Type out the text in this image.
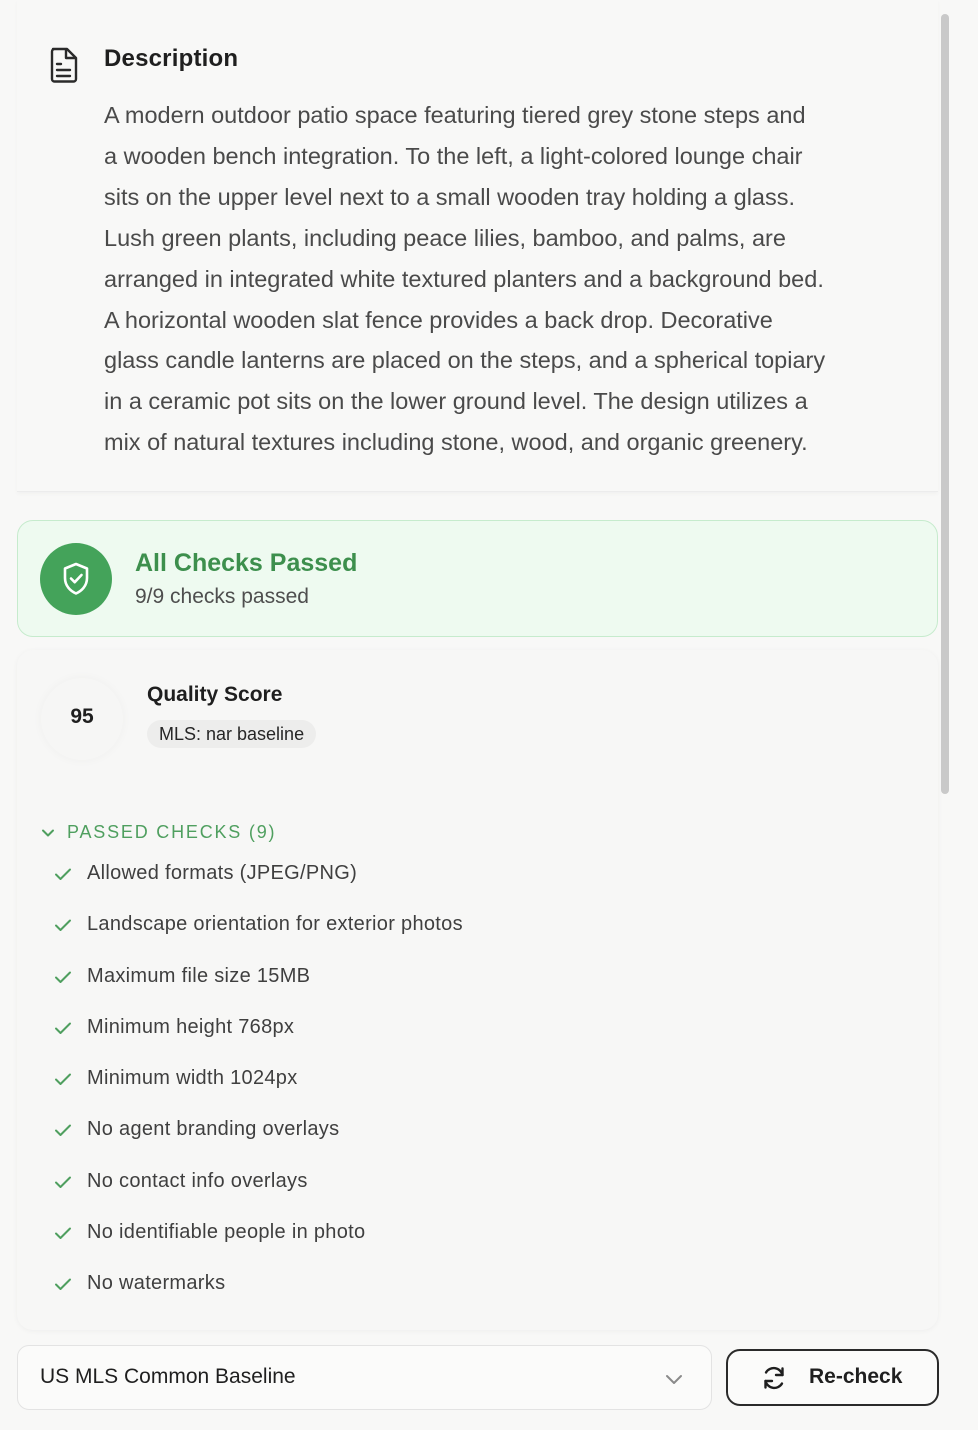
Description
A modern outdoor patio space featuring tiered grey stone steps and
a wooden bench integration. To the left, a light-colored lounge chair
sits on the upper level next to a small wooden tray holding a glass.
Lush green plants, including peace lilies, bamboo, and palms, are
arranged in integrated white textured planters and a background bed.
A horizontal wooden slat fence provides a back drop. Decorative
glass candle lanterns are placed on the steps, and a spherical topiary
in a ceramic pot sits on the lower ground level. The design utilizes a
mix of natural textures including stone, wood, and organic greenery.
All Checks Passed
9/9 checks passed
95
Quality Score
MLS: nar baseline
PASSED CHECKS (9)
Allowed formats (JPEG/PNG)
Landscape orientation for exterior photos
Maximum file size 15MB
Minimum height 768px
Minimum width 1024px
No agent branding overlays
No contact info overlays
No identifiable people in photo
No watermarks
US MLS Common Baseline	Re-check
